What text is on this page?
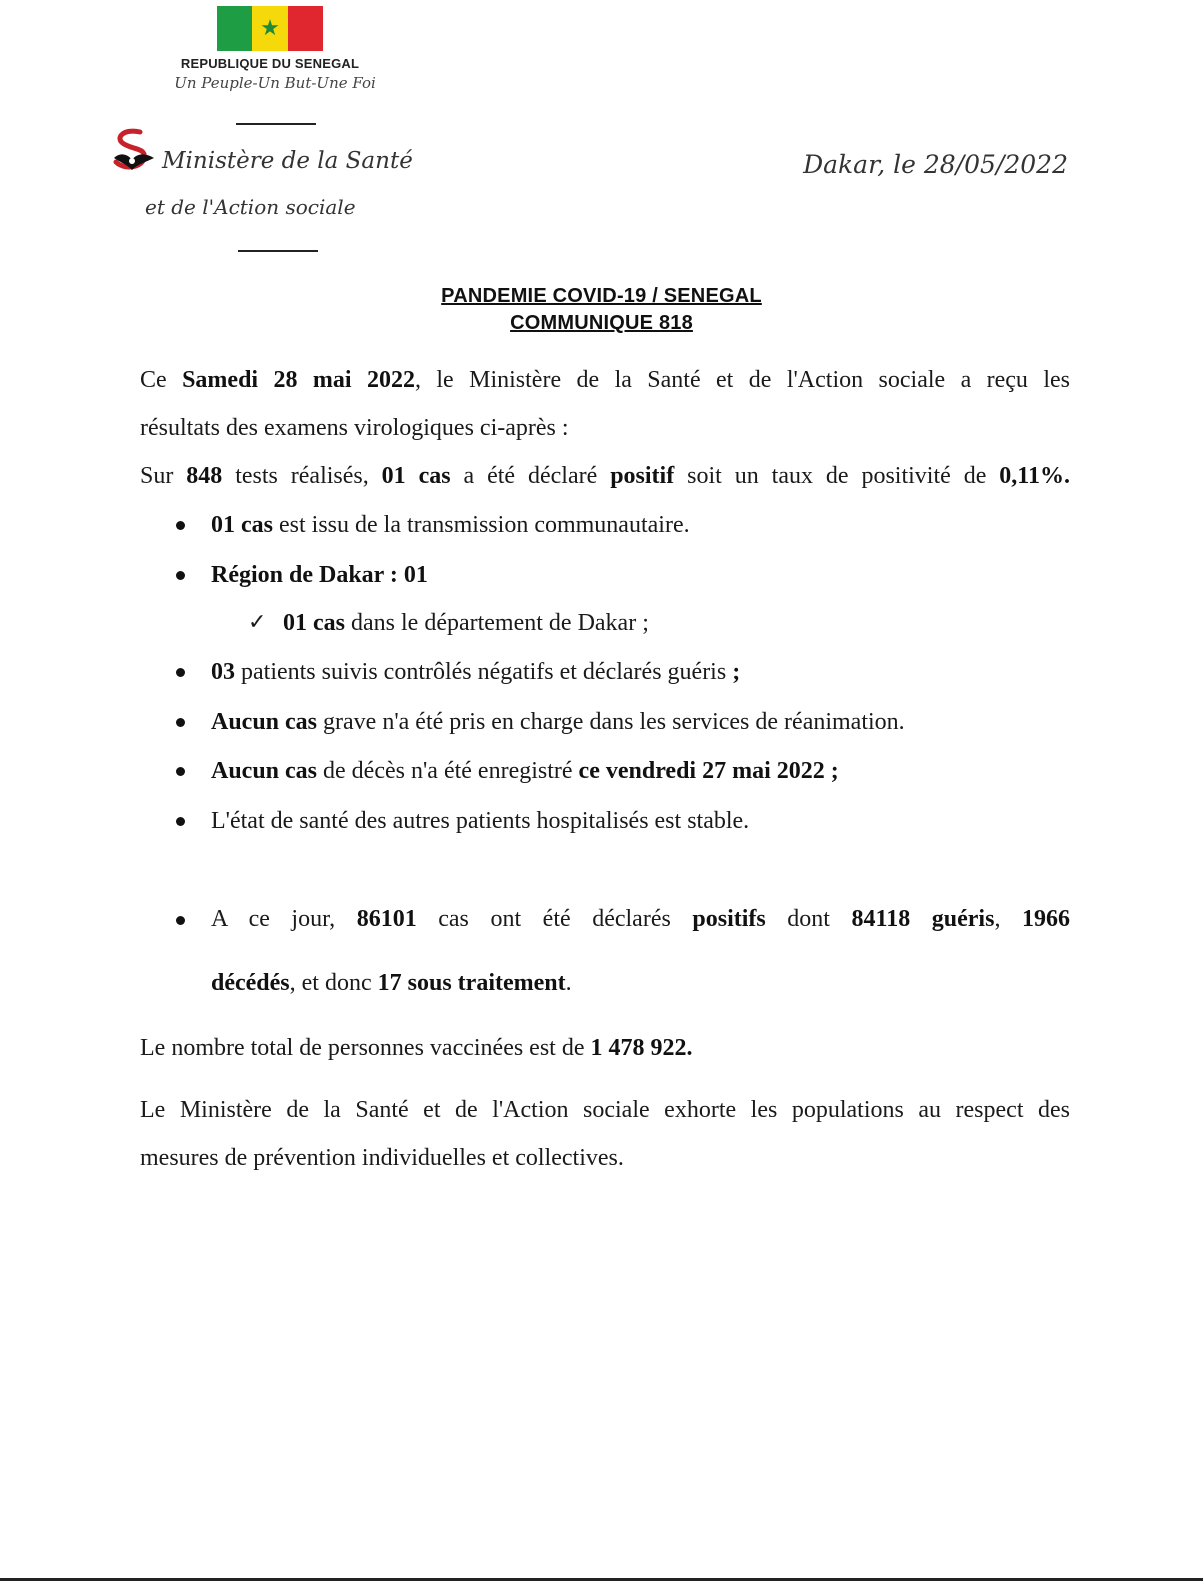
★
REPUBLIQUE DU SENEGAL
Un Peuple-Un But-Une Foi
Ministère de la Santé
et de l'Action sociale
Dakar, le 28/05/2022
PANDEMIE COVID-19 / SENEGAL
COMMUNIQUE 818
Ce Samedi 28 mai 2022, le Ministère de la Santé et de l'Action sociale a reçu les
résultats des examens virologiques ci-après :
Sur 848 tests réalisés, 01 cas a été déclaré positif soit un taux de positivité de 0,11%.
01 cas est issu de la transmission communautaire.
Région de Dakar : 01
✓ 01 cas dans le département de Dakar ;
03 patients suivis contrôlés négatifs et déclarés guéris ;
Aucun cas grave n'a été pris en charge dans les services de réanimation.
Aucun cas de décès n'a été enregistré ce vendredi 27 mai 2022 ;
L'état de santé des autres patients hospitalisés est stable.
A ce jour, 86101 cas ont été déclarés positifs dont 84118 guéris, 1966
décédés, et donc 17 sous traitement.
Le nombre total de personnes vaccinées est de 1 478 922.
Le Ministère de la Santé et de l'Action sociale exhorte les populations au respect des
mesures de prévention individuelles et collectives.
